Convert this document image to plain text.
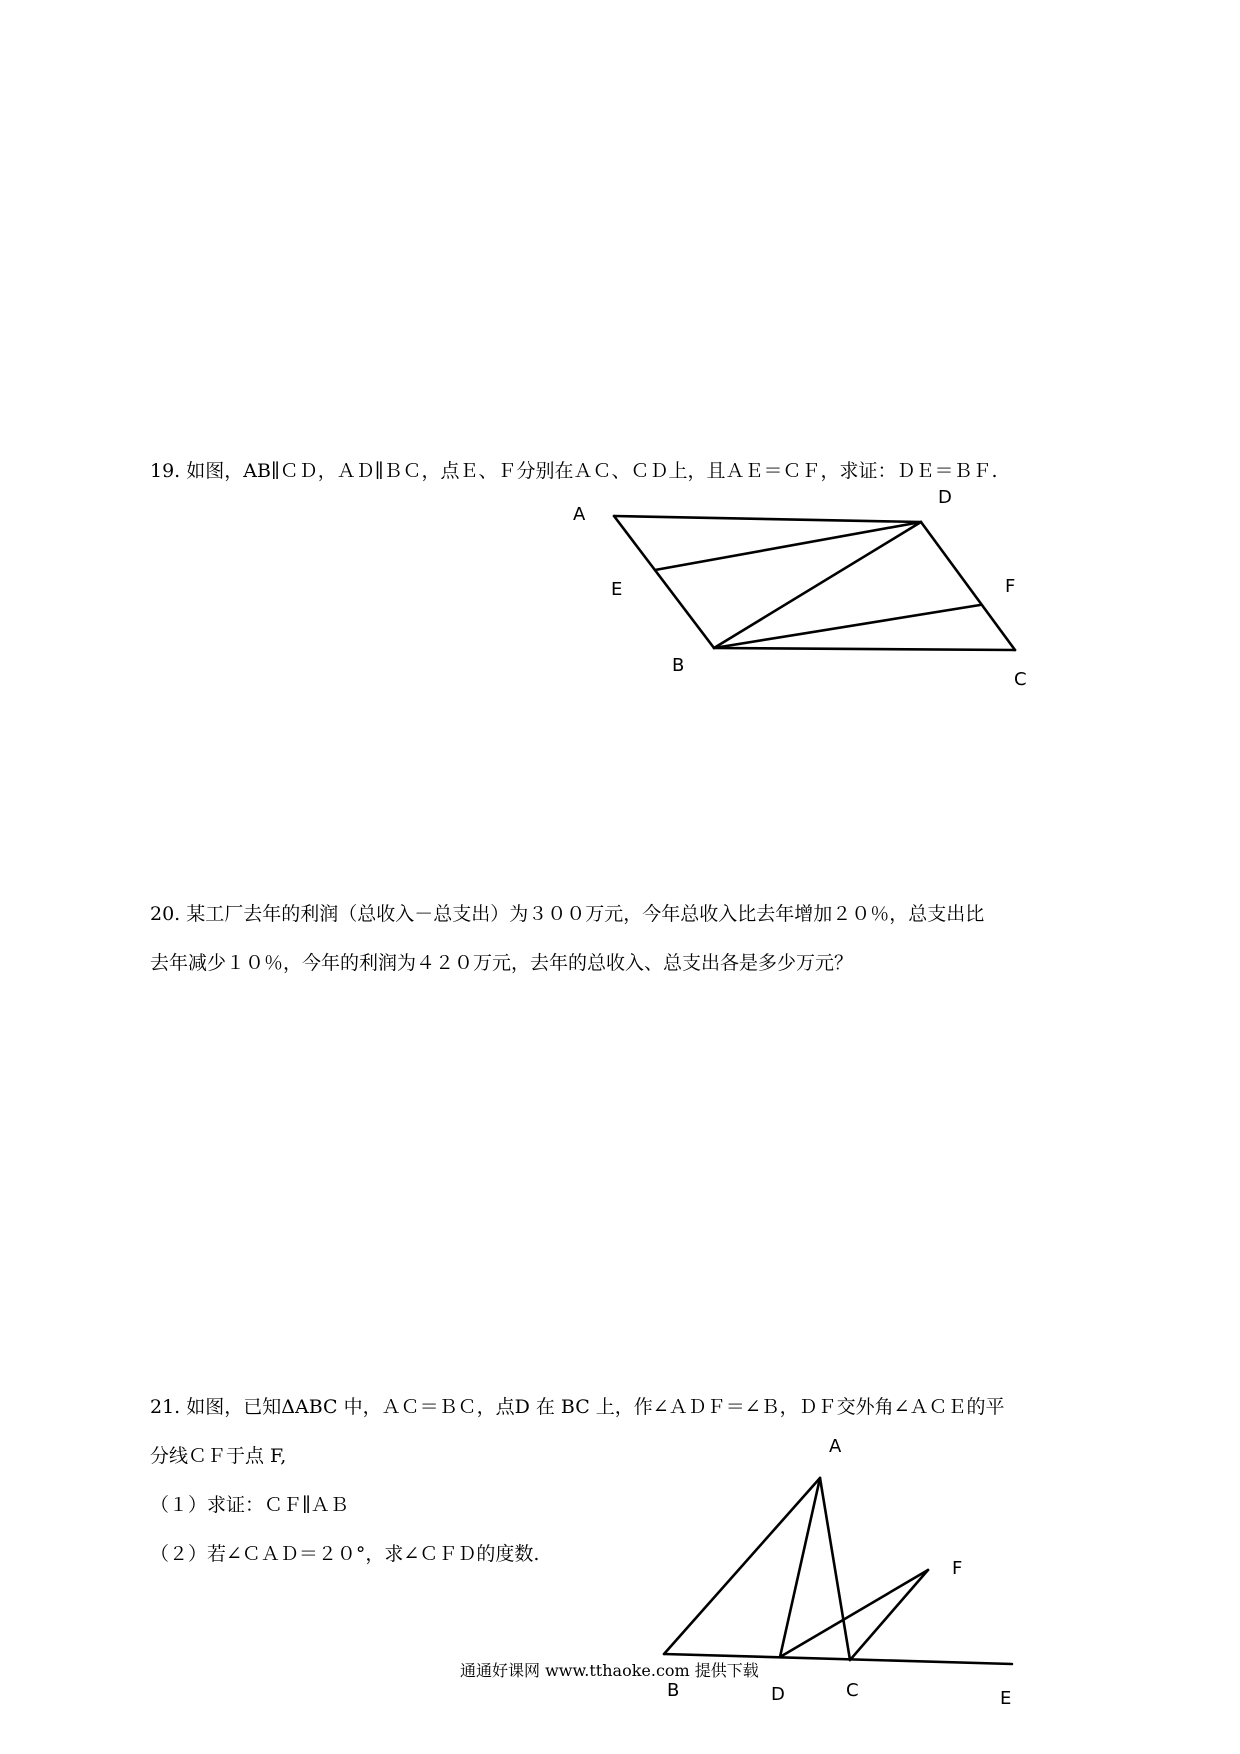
19. 如图，AB∥ＣＤ，ＡＤ∥ＢＣ，点Ｅ、Ｆ分别在ＡＣ、ＣＤ上，且ＡＥ＝ＣＦ，求证：ＤＥ＝ＢＦ.

A
D
E	F
B
C

20. 某工厂去年的利润（总收入－总支出）为３００万元，今年总收入比去年增加２０％，总支出比

去年减少１０％，今年的利润为４２０万元，去年的总收入、总支出各是多少万元？

21. 如图，已知ΔABC 中，ＡＣ＝ＢＣ，点D 在 BC 上，作∠ＡＤＦ＝∠Ｂ，ＤＦ交外角∠ＡＣＥ的平

分线ＣＦ于点 F,

（１）求证：ＣＦ∥ＡＢ

（２）若∠ＣＡＤ＝２０°，求∠ＣＦＤ的度数.

A
F
B	D	C	E

通通好课网 www.tthaoke.com 提供下载
